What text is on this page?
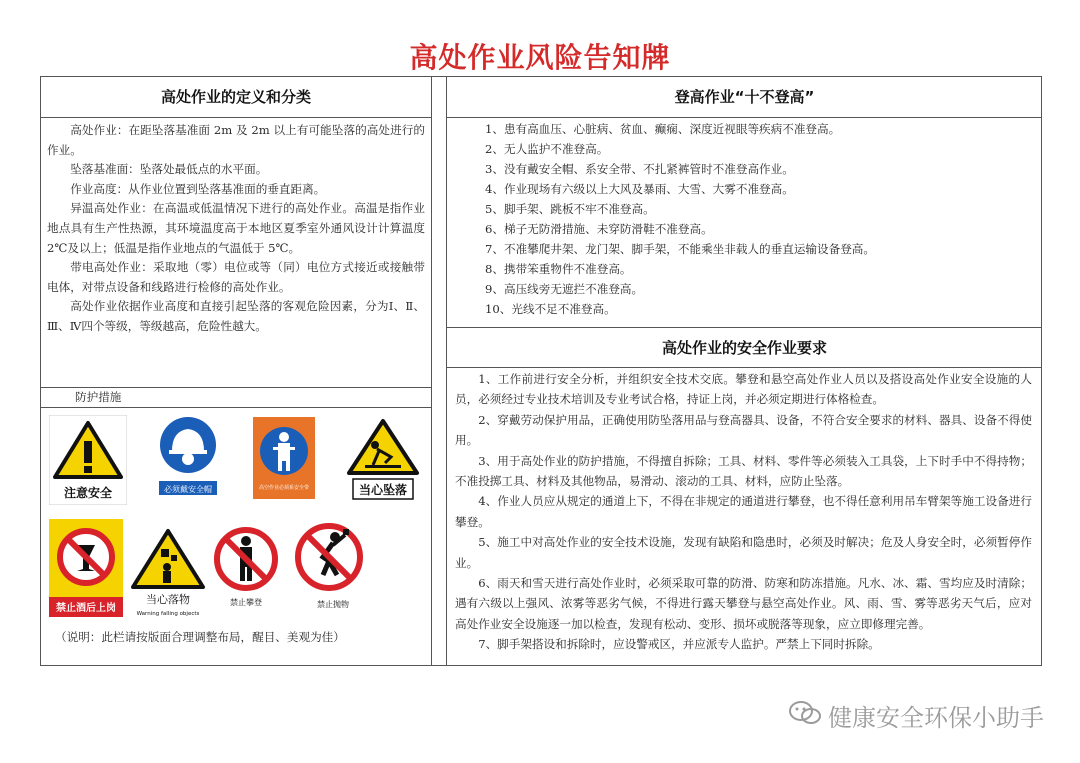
高处作业风险告知牌
高处作业的定义和分类

高处作业：在距坠落基准面 2m 及 2m 以上有可能坠落的高处进行的作业。

坠落基准面：坠落处最低点的水平面。

作业高度：从作业位置到坠落基准面的垂直距离。

异温高处作业：在高温或低温情况下进行的高处作业。高温是指作业地点具有生产性热源，其环境温度高于本地区夏季室外通风设计计算温度　2℃及以上；低温是指作业地点的气温低于 5℃。

带电高处作业：采取地（零）电位或等（同）电位方式接近或接触带电体，对带点设备和线路进行检修的高处作业。

高处作业依据作业高度和直接引起坠落的客观危险因素，分为Ⅰ、Ⅱ、Ⅲ、Ⅳ四个等级，等级越高，危险性越大。

防护措施
注意安全	必须戴安全帽	高空作业必须系安全带	当心坠落
禁止酒后上岗
当心落物
Warning falling objects
禁止攀登	禁止抛物
（说明：此栏请按版面合理调整布局，醒目、美观为佳）
登高作业“十不登高”
1、患有高血压、心脏病、贫血、癫痫、深度近视眼等疾病不准登高。
2、无人监护不准登高。
3、没有戴安全帽、系安全带、不扎紧裤管时不准登高作业。
4、作业现场有六级以上大风及暴雨、大雪、大雾不准登高。
5、脚手架、跳板不牢不准登高。
6、梯子无防滑措施、未穿防滑鞋不准登高。
7、不准攀爬井架、龙门架、脚手架，不能乘坐非载人的垂直运输设备登高。
8、携带笨重物件不准登高。
9、高压线旁无遮拦不准登高。
10、光线不足不准登高。
高处作业的安全作业要求

1、工作前进行安全分析，并组织安全技术交底。攀登和悬空高处作业人员以及搭设高处作业安全设施的人员，必须经过专业技术培训及专业考试合格，持证上岗，并必须定期进行体格检查。

2、穿戴劳动保护用品，正确使用防坠落用品与登高器具、设备，不符合安全要求的材料、器具、设备不得使用。

3、用于高处作业的防护措施，不得擅自拆除；工具、材料、零件等必须装入工具袋，上下时手中不得持物；不准投掷工具、材料及其他物品，易滑动、滚动的工具、材料，应防止坠落。

4、作业人员应从规定的通道上下，不得在非规定的通道进行攀登，也不得任意利用吊车臂架等施工设备进行攀登。

5、施工中对高处作业的安全技术设施，发现有缺陷和隐患时，必须及时解决；危及人身安全时，必须暂停作业。

6、雨天和雪天进行高处作业时，必须采取可靠的防滑、防寒和防冻措施。凡水、冰、霜、雪均应及时清除；遇有六级以上强风、浓雾等恶劣气候，不得进行露天攀登与悬空高处作业。风、雨、雪、雾等恶劣天气后，应对高处作业安全设施逐一加以检查，发现有松动、变形、损坏或脱落等现象，应立即修理完善。

7、脚手架搭设和拆除时，应设警戒区，并应派专人监护。严禁上下同时拆除。

健康安全环保小助手
